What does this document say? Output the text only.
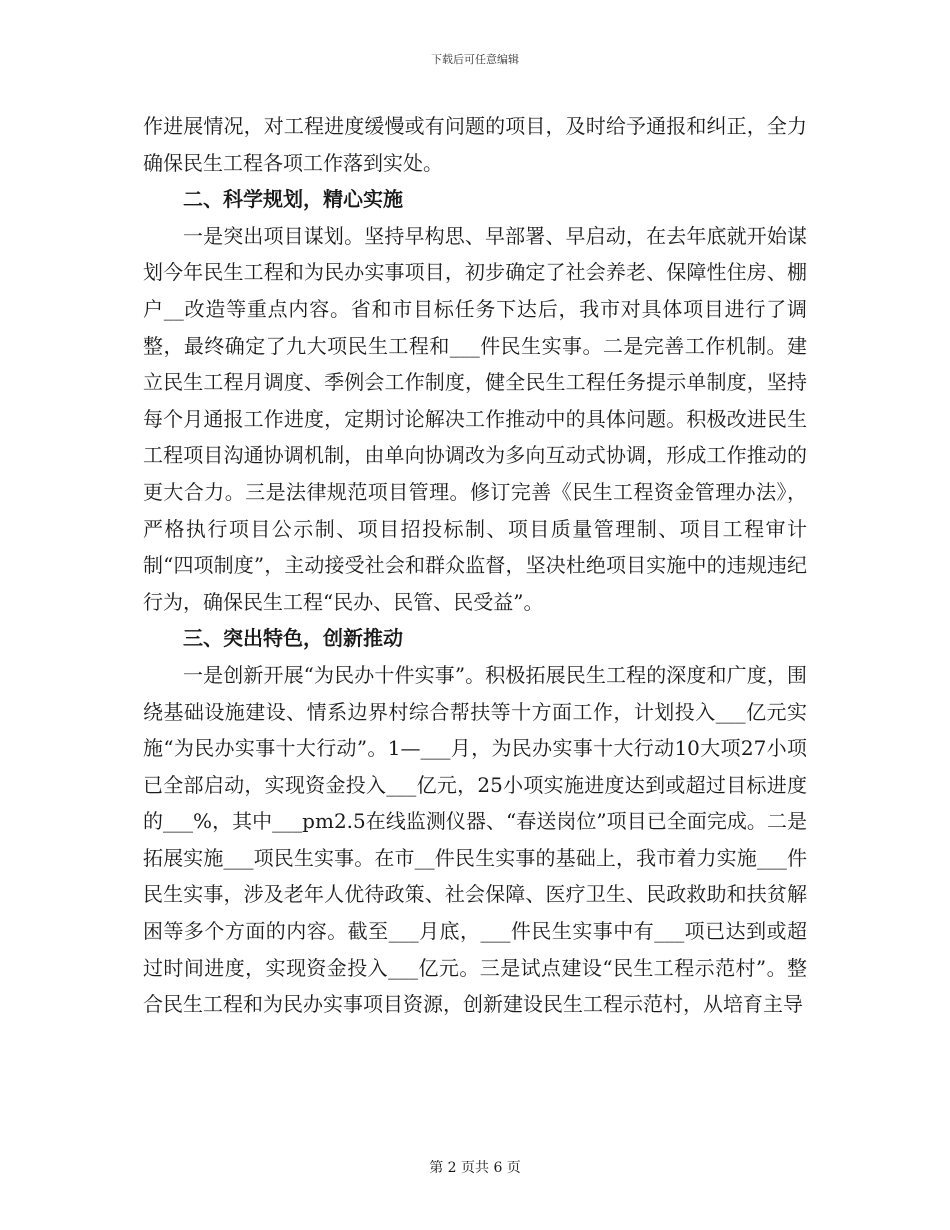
下载后可任意编辑

作进展情况，对工程进度缓慢或有问题的项目，及时给予通报和纠正，全力确保民生工程各项工作落到实处。

二、科学规划，精心实施

一是突出项目谋划。坚持早构思、早部署、早启动，在去年底就开始谋划今年民生工程和为民办实事项目，初步确定了社会养老、保障性住房、棚户__改造等重点内容。省和市目标任务下达后，我市对具体项目进行了调整，最终确定了九大项民生工程和___件民生实事。二是完善工作机制。建立民生工程月调度、季例会工作制度，健全民生工程任务提示单制度，坚持每个月通报工作进度，定期讨论解决工作推动中的具体问题。积极改进民生工程项目沟通协调机制，由单向协调改为多向互动式协调，形成工作推动的更大合力。三是法律规范项目管理。修订完善《民生工程资金管理办法》，严格执行项目公示制、项目招投标制、项目质量管理制、项目工程审计制“四项制度”，主动接受社会和群众监督，坚决杜绝项目实施中的违规违纪行为，确保民生工程“民办、民管、民受益”。

三、突出特色，创新推动

一是创新开展“为民办十件实事”。积极拓展民生工程的深度和广度，围绕基础设施建设、情系边界村综合帮扶等十方面工作，计划投入___亿元实施“为民办实事十大行动”。1—___月，为民办实事十大行动10大项27小项已全部启动，实现资金投入___亿元，25小项实施进度达到或超过目标进度的___%，其中___pm2.5在线监测仪器、“春送岗位”项目已全面完成。二是拓展实施___项民生实事。在市__件民生实事的基础上，我市着力实施___件民生实事，涉及老年人优待政策、社会保障、医疗卫生、民政救助和扶贫解困等多个方面的内容。截至___月底，___件民生实事中有___项已达到或超过时间进度，实现资金投入___亿元。三是试点建设“民生工程示范村”。整合民生工程和为民办实事项目资源，创新建设民生工程示范村，从培育主导

第 2 页共 6 页
